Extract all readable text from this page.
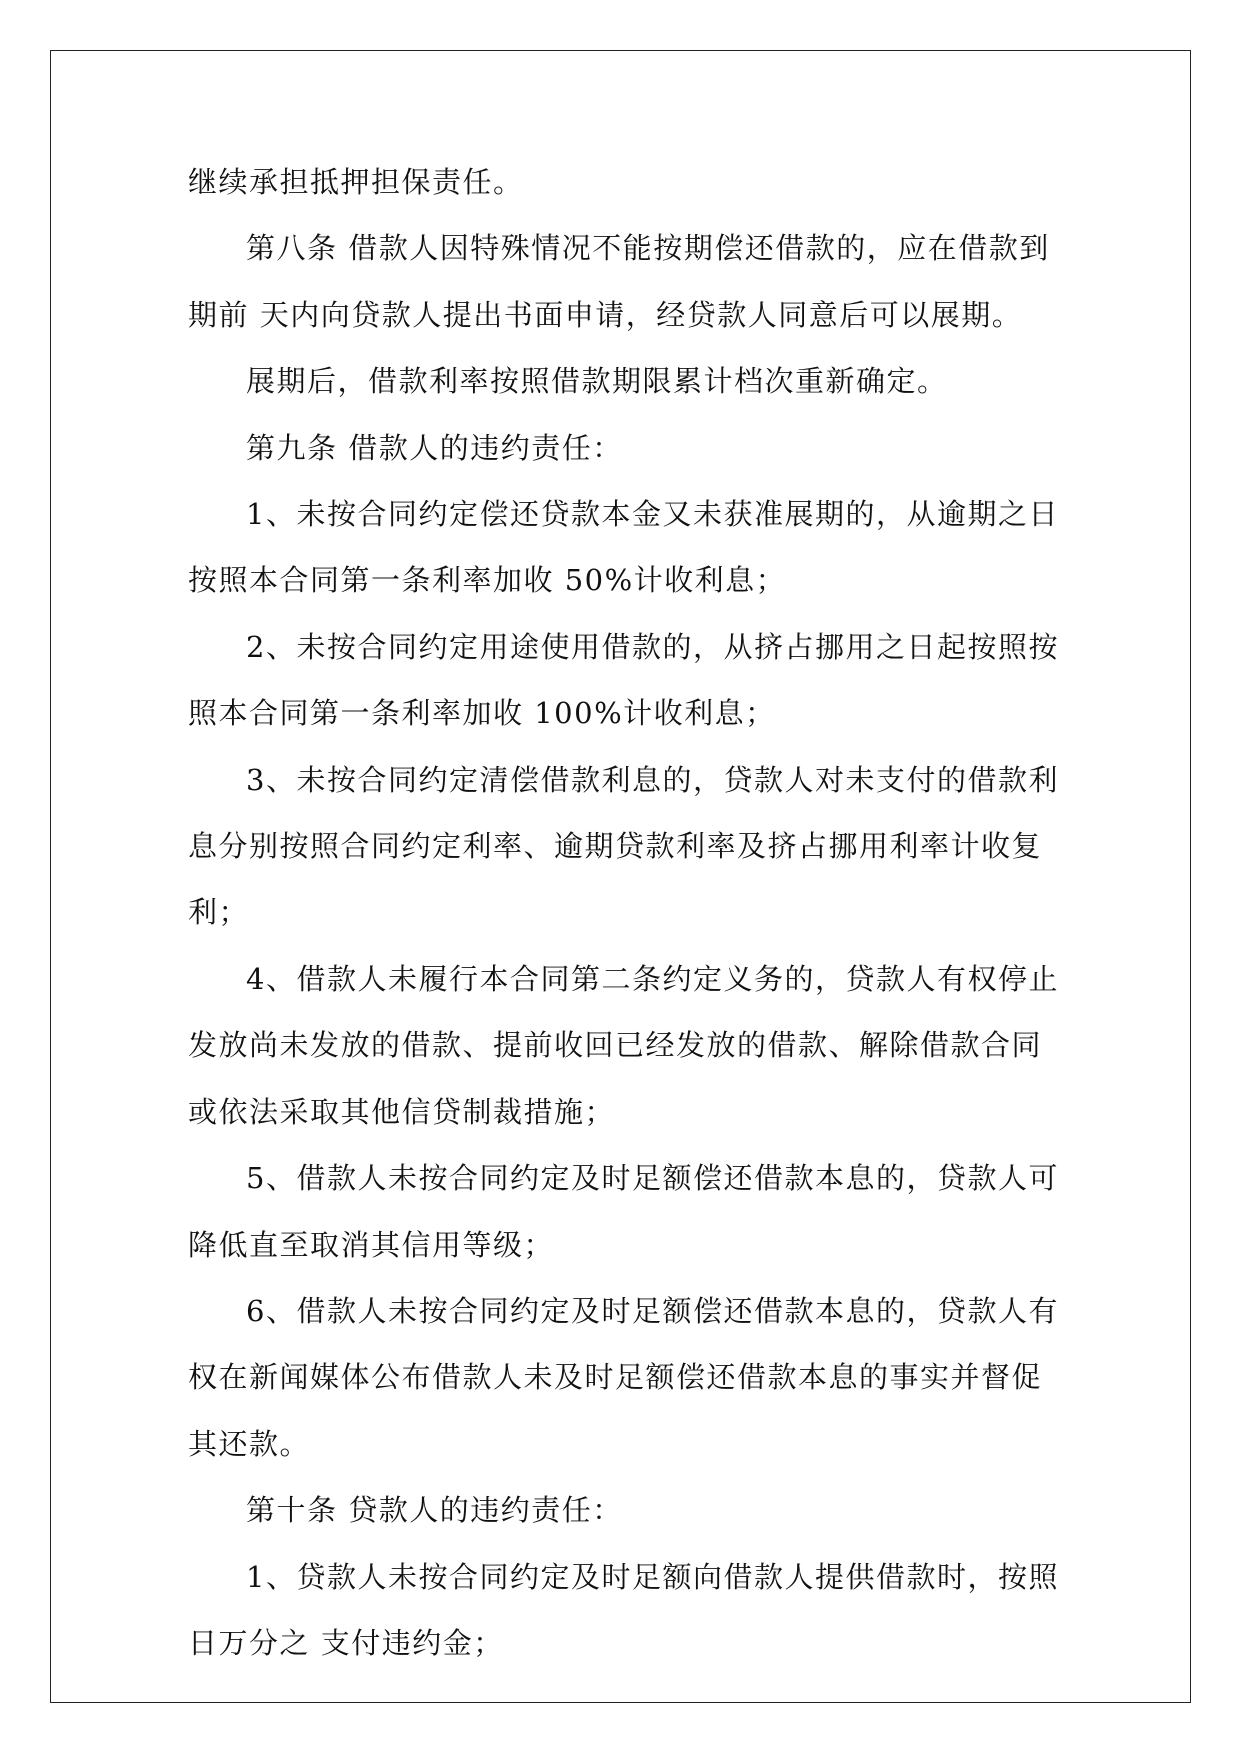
继续承担抵押担保责任。

第八条 借款人因特殊情况不能按期偿还借款的，应在借款到期前 天内向贷款人提出书面申请，经贷款人同意后可以展期。

展期后，借款利率按照借款期限累计档次重新确定。

第九条 借款人的违约责任：

1、未按合同约定偿还贷款本金又未获准展期的，从逾期之日按照本合同第一条利率加收 50%计收利息；

2、未按合同约定用途使用借款的，从挤占挪用之日起按照按照本合同第一条利率加收 100%计收利息；

3、未按合同约定清偿借款利息的，贷款人对未支付的借款利息分别按照合同约定利率、逾期贷款利率及挤占挪用利率计收复利；

4、借款人未履行本合同第二条约定义务的，贷款人有权停止发放尚未发放的借款、提前收回已经发放的借款、解除借款合同或依法采取其他信贷制裁措施；

5、借款人未按合同约定及时足额偿还借款本息的，贷款人可降低直至取消其信用等级；

6、借款人未按合同约定及时足额偿还借款本息的，贷款人有权在新闻媒体公布借款人未及时足额偿还借款本息的事实并督促其还款。

第十条 贷款人的违约责任：

1、贷款人未按合同约定及时足额向借款人提供借款时，按照日万分之 支付违约金；
